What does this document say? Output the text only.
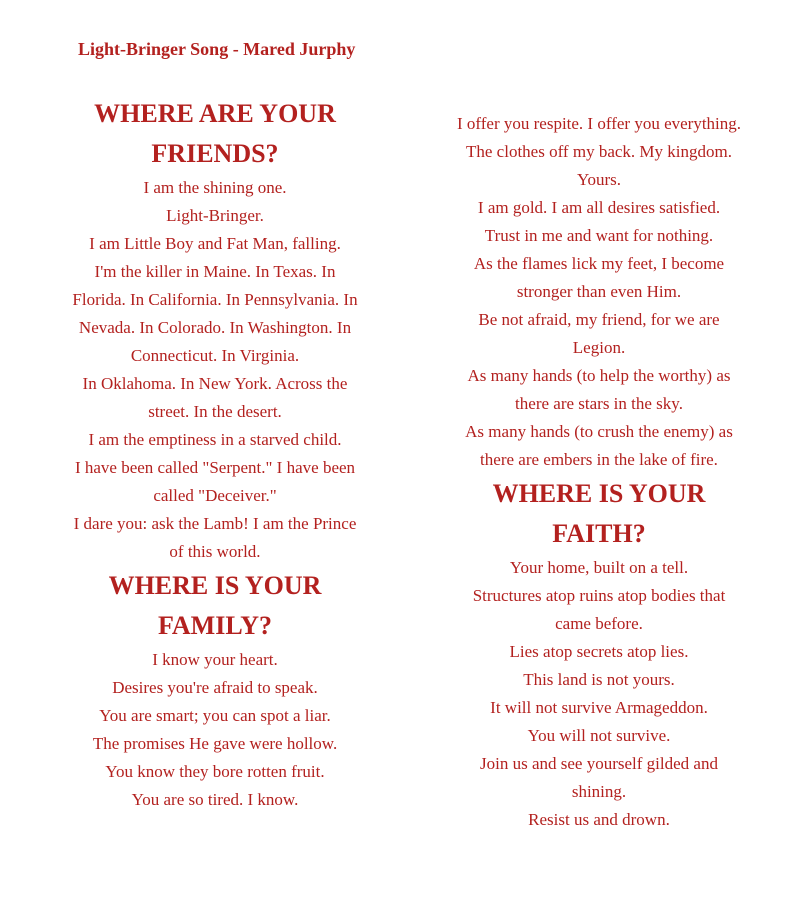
Light-Bringer Song - Mared Jurphy
WHERE ARE YOUR FRIENDS?
I am the shining one.
Light-Bringer.
I am Little Boy and Fat Man, falling.
I'm the killer in Maine. In Texas. In Florida. In California. In Pennsylvania. In Nevada. In Colorado. In Washington. In Connecticut. In Virginia.
In Oklahoma. In New York. Across the street. In the desert.
I am the emptiness in a starved child.
I have been called "Serpent." I have been called "Deceiver."
I dare you: ask the Lamb! I am the Prince of this world.
WHERE IS YOUR FAMILY?
I know your heart.
Desires you're afraid to speak.
You are smart; you can spot a liar.
The promises He gave were hollow.
You know they bore rotten fruit.
You are so tired. I know.
I offer you respite. I offer you everything.
The clothes off my back. My kingdom. Yours.
I am gold. I am all desires satisfied.
Trust in me and want for nothing.
As the flames lick my feet, I become stronger than even Him.
Be not afraid, my friend, for we are Legion.
As many hands (to help the worthy) as there are stars in the sky.
As many hands (to crush the enemy) as there are embers in the lake of fire.
WHERE IS YOUR FAITH?
Your home, built on a tell.
Structures atop ruins atop bodies that came before.
Lies atop secrets atop lies.
This land is not yours.
It will not survive Armageddon.
You will not survive.
Join us and see yourself gilded and shining.
Resist us and drown.
